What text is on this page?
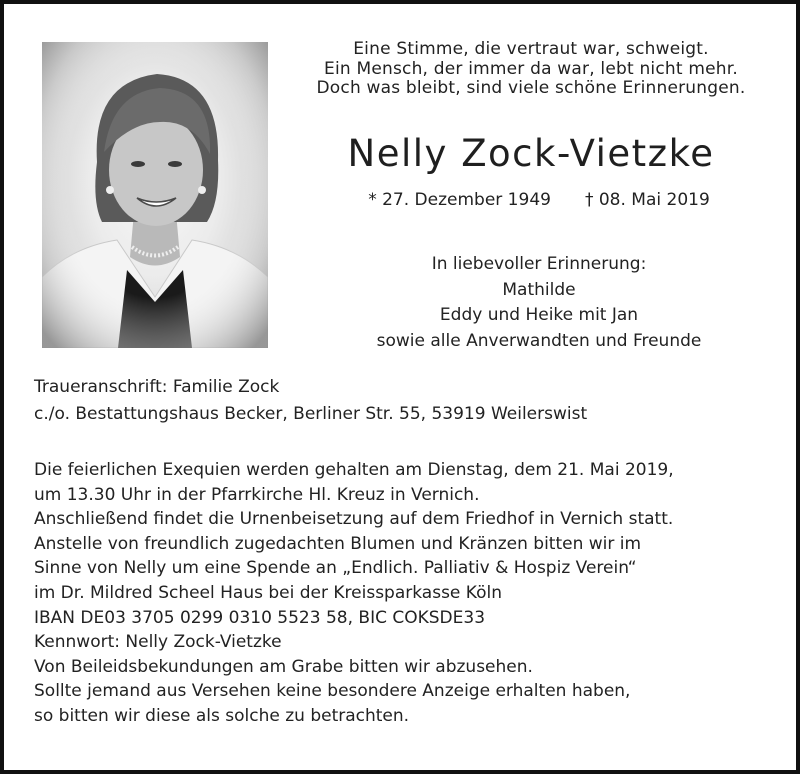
Eine Stimme, die vertraut war, schweigt.
Ein Mensch, der immer da war, lebt nicht mehr.
Doch was bleibt, sind viele schöne Erinnerungen.
Nelly Zock-Vietzke
* 27. Dezember 1949 † 08. Mai 2019
In liebevoller Erinnerung:
Mathilde
Eddy und Heike mit Jan
sowie alle Anverwandten und Freunde
Traueranschrift: Familie Zock
c./o. Bestattungshaus Becker, Berliner Str. 55, 53919 Weilerswist
Die feierlichen Exequien werden gehalten am Dienstag, dem 21. Mai 2019,
um 13.30 Uhr in der Pfarrkirche Hl. Kreuz in Vernich.
Anschließend findet die Urnenbeisetzung auf dem Friedhof in Vernich statt.
Anstelle von freundlich zugedachten Blumen und Kränzen bitten wir im
Sinne von Nelly um eine Spende an „Endlich. Palliativ & Hospiz Verein“
im Dr. Mildred Scheel Haus bei der Kreissparkasse Köln
IBAN DE03 3705 0299 0310 5523 58, BIC COKSDE33
Kennwort: Nelly Zock-Vietzke
Von Beileidsbekundungen am Grabe bitten wir abzusehen.
Sollte jemand aus Versehen keine besondere Anzeige erhalten haben,
so bitten wir diese als solche zu betrachten.
